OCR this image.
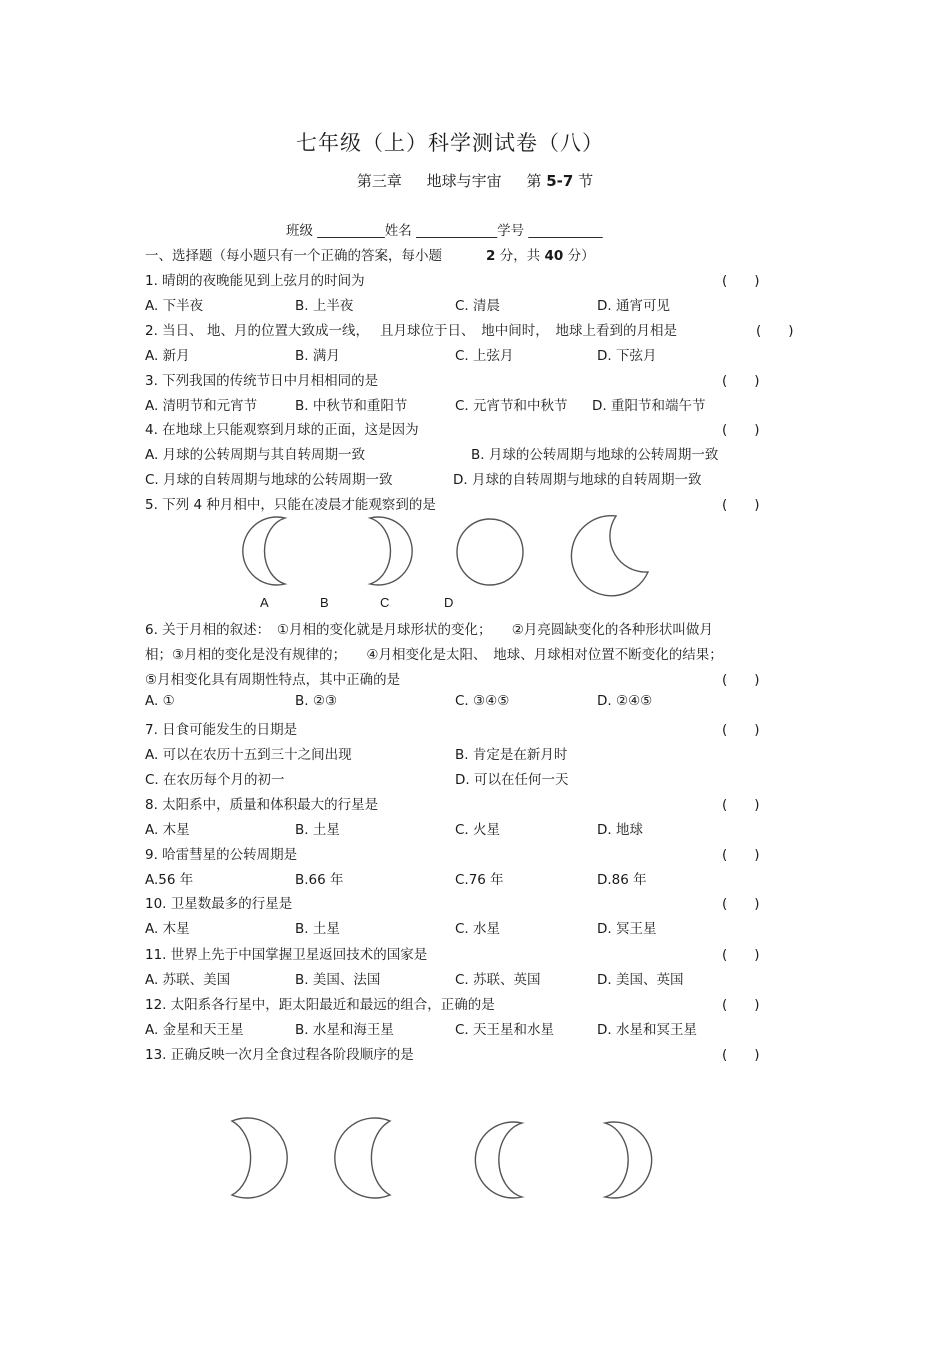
七年级（上）科学测试卷（八）
第三章 地球与宇宙 第 5-7 节
班级 __________姓名 ____________学号 ___________
一、选择题（每小题只有一个正确的答案，每小题	2 分，共 40 分）
1. 晴朗的夜晚能见到上弦月的时间为	(　　)
A. 下半夜	B. 上半夜	C. 清晨	D. 通宵可见
2. 当日、 地、月的位置大致成一线，　 且月球位于日、　地中间时，　地球上看到的月相是	(　　)
A. 新月	B. 满月	C. 上弦月	D. 下弦月
3. 下列我国的传统节日中月相相同的是	(　　)
A. 清明节和元宵节	B. 中秋节和重阳节	C. 元宵节和中秋节 D. 重阳节和端午节
4. 在地球上只能观察到月球的正面，这是因为	(　　)
A. 月球的公转周期与其自转周期一致	B. 月球的公转周期与地球的公转周期一致
C. 月球的自转周期与地球的公转周期一致	D. 月球的自转周期与地球的自转周期一致
5. 下列 4 种月相中，只能在凌晨才能观察到的是	(　　)
A	B	C	D
6. 关于月相的叙述：　①月相的变化就是月球形状的变化；　　②月亮圆缺变化的各种形状叫做月
相；③月相的变化是没有规律的；　　④月相变化是太阳、　地球、月球相对位置不断变化的结果；
⑤月相变化具有周期性特点，其中正确的是	(　　)
A. ①	B. ②③	C. ③④⑤	D. ②④⑤
7. 日食可能发生的日期是	(　　)
A. 可以在农历十五到三十之间出现	B. 肯定是在新月时
C. 在农历每个月的初一	D. 可以在任何一天
8. 太阳系中，质量和体积最大的行星是	(　　)
A. 木星	B. 土星	C. 火星	D. 地球
9. 哈雷彗星的公转周期是	(　　)
A.56 年	B.66 年	C.76 年	D.86 年
10. 卫星数最多的行星是	(　　)
A. 木星	B. 土星	C. 水星	D. 冥王星
11. 世界上先于中国掌握卫星返回技术的国家是	(　　)
A. 苏联、美国	B. 美国、法国	C. 苏联、英国	D. 美国、英国
12. 太阳系各行星中，距太阳最近和最远的组合，正确的是	(　　)
A. 金星和天王星	B. 水星和海王星	C. 天王星和水星	D. 水星和冥王星
13. 正确反映一次月全食过程各阶段顺序的是	(　　)
